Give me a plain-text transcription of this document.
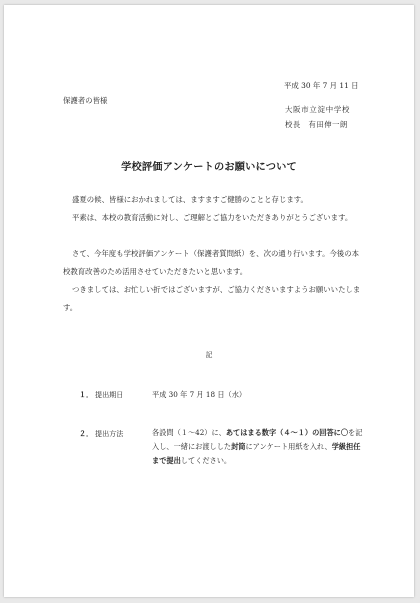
平成 30 年 7 月 11 日
保護者の皆様
大阪市立淀中学校
校長　有田伸一朗
学校評価アンケートのお願いについて
盛夏の候、皆様におかれましては、ますますご健勝のことと存じます。
平素は、本校の教育活動に対し、ご理解とご協力をいただきありがとうございます。
さて、今年度も学校評価アンケート（保護者質問紙）を、次の通り行います。今後の本校教育改善のため活用させていただきたいと思います。
つきましては、お忙しい折ではございますが、ご協力くださいますようお願いいたします。
記
１． 提出期日	平成 30 年 7 月 18 日（水）
２． 提出方法	各設問（１～42）に、あてはまる数字（４～１）の回答に〇を記入し、一緒にお渡しした封筒にアンケート用紙を入れ、学級担任まで提出してください。
